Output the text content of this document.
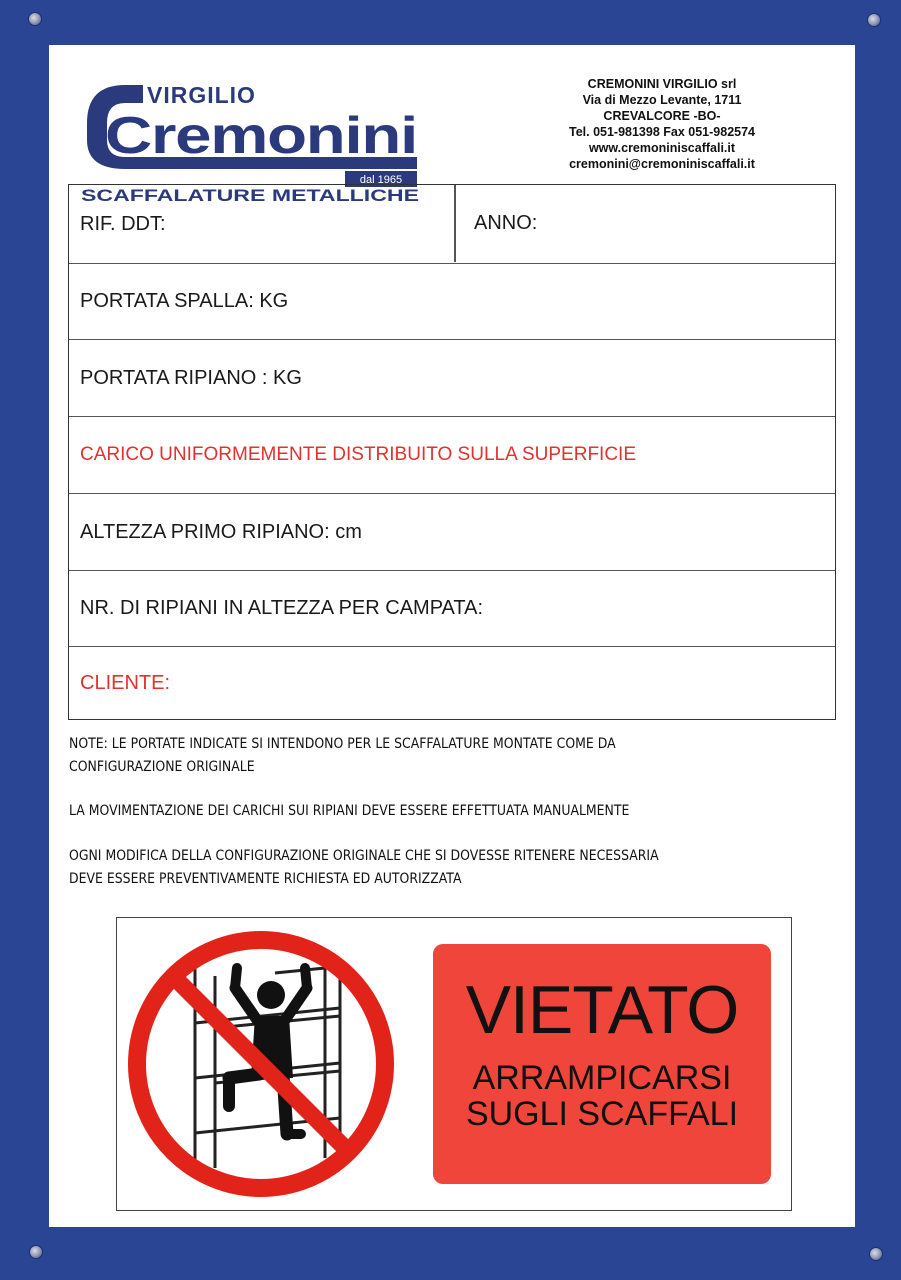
VIRGILIO
Cremonini
dal 1965
SCAFFALATURE METALLICHE
CREMONINI VIRGILIO srl
Via di Mezzo Levante, 1711
CREVALCORE -BO-
Tel. 051-981398 Fax 051-982574
www.cremoniniscaffali.it
cremonini@cremoniniscaffali.it
RIF. DDT:	ANNO:
PORTATA SPALLA: KG
PORTATA RIPIANO : KG
CARICO UNIFORMEMENTE DISTRIBUITO SULLA SUPERFICIE
ALTEZZA PRIMO RIPIANO: cm
NR. DI RIPIANI IN ALTEZZA PER CAMPATA:
CLIENTE:
NOTE: LE PORTATE INDICATE SI INTENDONO PER LE SCAFFALATURE MONTATE COME DA
CONFIGURAZIONE ORIGINALE
LA MOVIMENTAZIONE DEI CARICHI SUI RIPIANI DEVE ESSERE EFFETTUATA MANUALMENTE
OGNI MODIFICA DELLA CONFIGURAZIONE ORIGINALE CHE SI DOVESSE RITENERE NECESSARIA
DEVE ESSERE PREVENTIVAMENTE RICHIESTA ED AUTORIZZATA
VIETATO
ARRAMPICARSI
SUGLI SCAFFALI
